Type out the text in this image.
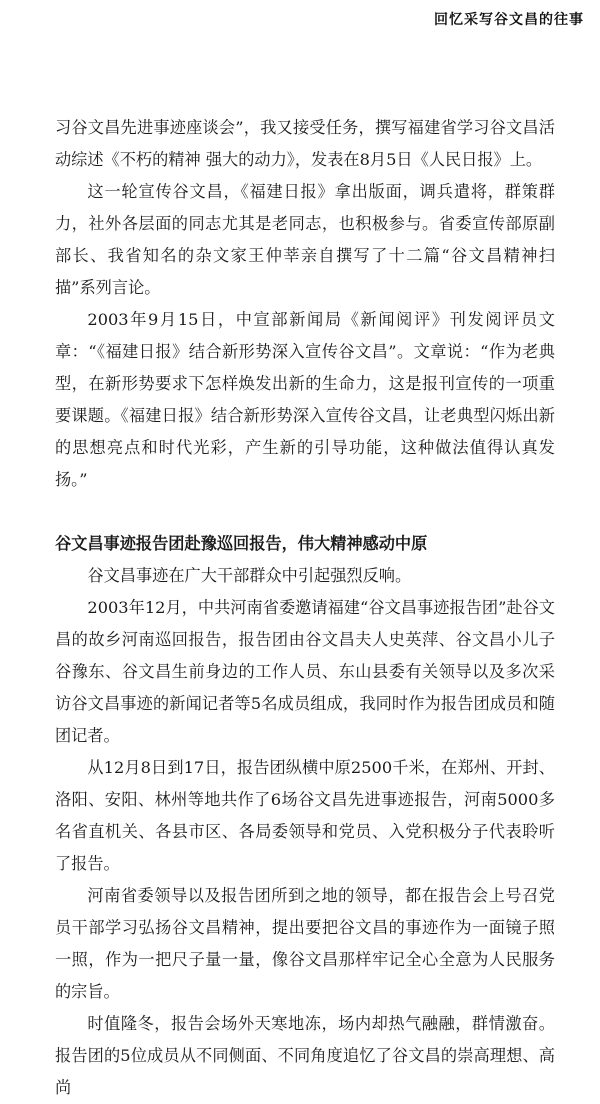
回忆采写谷文昌的往事

习谷文昌先进事迹座谈会”，我又接受任务，撰写福建省学习谷文昌活动综述《不朽的精神 强大的动力》，发表在8月5日《人民日报》上。

这一轮宣传谷文昌，《福建日报》拿出版面，调兵遣将，群策群力，社外各层面的同志尤其是老同志，也积极参与。省委宣传部原副部长、我省知名的杂文家王仲莘亲自撰写了十二篇“谷文昌精神扫描”系列言论。

2003年9月15日，中宣部新闻局《新闻阅评》刊发阅评员文章：“《福建日报》结合新形势深入宣传谷文昌”。文章说：“作为老典型，在新形势要求下怎样焕发出新的生命力，这是报刊宣传的一项重要课题。《福建日报》结合新形势深入宣传谷文昌，让老典型闪烁出新的思想亮点和时代光彩，产生新的引导功能，这种做法值得认真发扬。”

谷文昌事迹报告团赴豫巡回报告，伟大精神感动中原

谷文昌事迹在广大干部群众中引起强烈反响。

2003年12月，中共河南省委邀请福建“谷文昌事迹报告团”赴谷文昌的故乡河南巡回报告，报告团由谷文昌夫人史英萍、谷文昌小儿子谷豫东、谷文昌生前身边的工作人员、东山县委有关领导以及多次采访谷文昌事迹的新闻记者等5名成员组成，我同时作为报告团成员和随团记者。

从12月8日到17日，报告团纵横中原2500千米，在郑州、开封、洛阳、安阳、林州等地共作了6场谷文昌先进事迹报告，河南5000多名省直机关、各县市区、各局委领导和党员、入党积极分子代表聆听了报告。

河南省委领导以及报告团所到之地的领导，都在报告会上号召党员干部学习弘扬谷文昌精神，提出要把谷文昌的事迹作为一面镜子照一照，作为一把尺子量一量，像谷文昌那样牢记全心全意为人民服务的宗旨。

时值隆冬，报告会场外天寒地冻，场内却热气融融，群情激奋。报告团的5位成员从不同侧面、不同角度追忆了谷文昌的崇高理想、高尚
